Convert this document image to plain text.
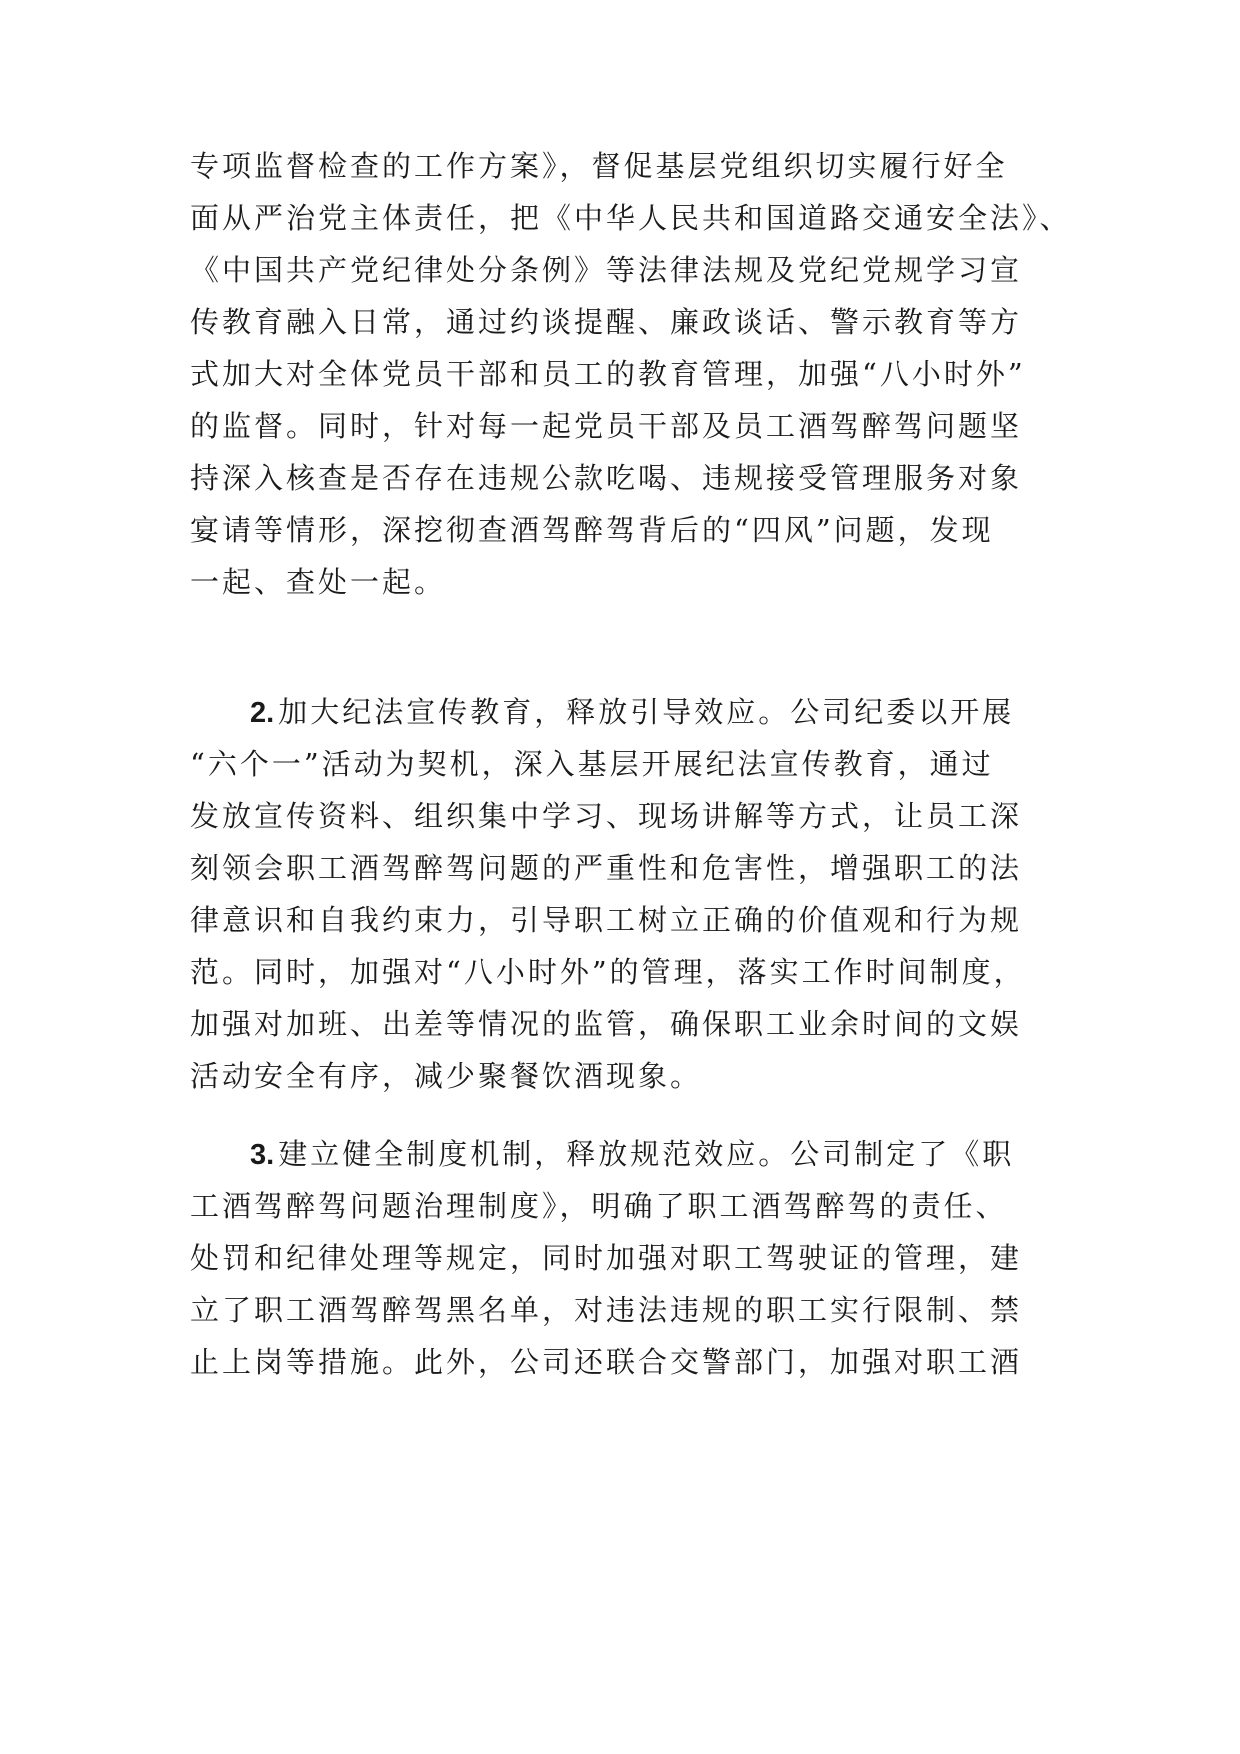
专项监督检查的工作方案》，督促基层党组织切实履行好全
面从严治党主体责任，把《中华人民共和国道路交通安全法》、
《中国共产党纪律处分条例》等法律法规及党纪党规学习宣
传教育融入日常，通过约谈提醒、廉政谈话、警示教育等方
式加大对全体党员干部和员工的教育管理，加强“八小时外”
的监督。同时，针对每一起党员干部及员工酒驾醉驾问题坚
持深入核查是否存在违规公款吃喝、违规接受管理服务对象
宴请等情形，深挖彻查酒驾醉驾背后的“四风”问题，发现
一起、查处一起。
2. 加大纪法宣传教育，释放引导效应。公司纪委以开展
“六个一”活动为契机，深入基层开展纪法宣传教育，通过
发放宣传资料、组织集中学习、现场讲解等方式，让员工深
刻领会职工酒驾醉驾问题的严重性和危害性，增强职工的法
律意识和自我约束力，引导职工树立正确的价值观和行为规
范。同时，加强对“八小时外”的管理，落实工作时间制度，
加强对加班、出差等情况的监管，确保职工业余时间的文娱
活动安全有序，减少聚餐饮酒现象。
3. 建立健全制度机制，释放规范效应。公司制定了《职
工酒驾醉驾问题治理制度》，明确了职工酒驾醉驾的责任、
处罚和纪律处理等规定，同时加强对职工驾驶证的管理，建
立了职工酒驾醉驾黑名单，对违法违规的职工实行限制、禁
止上岗等措施。此外，公司还联合交警部门，加强对职工酒
